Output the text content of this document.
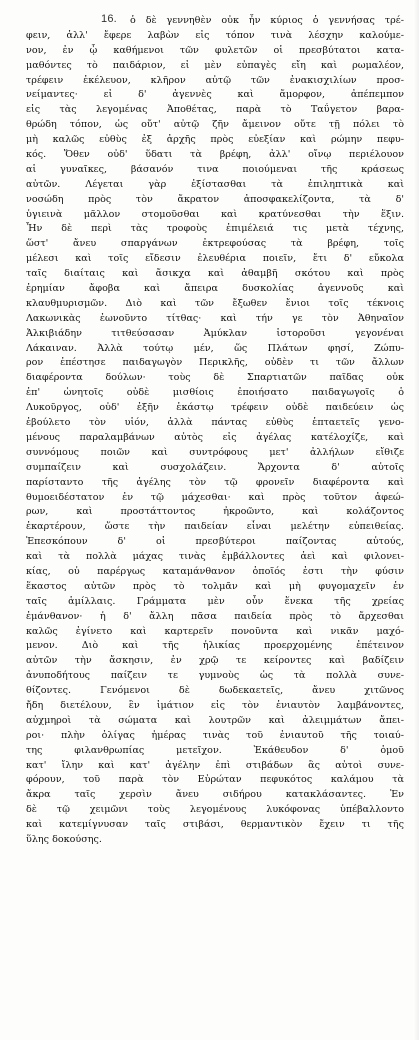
16.	ὁ δὲ γεννηθὲν οὐκ ἦν κύριος ὁ γεννήσας τρέ-
φειν, ἀλλ' ἔφερε λαβὼν εἰς τόπον τινὰ λέσχην καλούμε-
νον, ἐν ᾧ καθήμενοι τῶν φυλετῶν οἱ πρεσβύτατοι κατα-
μαθόντες τὸ παιδάριον, εἰ μὲν εὐπαγὲς εἴη καὶ ρωμαλέον,
τρέφειν ἐκέλευον, κλῆρον αὐτῷ τῶν ἐνακισχιλίων προσ-
νείμαντες· εἰ δ' ἀγεννὲς καὶ ἄμορφον, ἀπέπεμπον
εἰς τὰς λεγομένας Ἀποθέτας, παρὰ τὸ Ταΰγετον βαρα-
θρώδη τόπον, ὡς οὔτ' αὐτῷ ζῆν ἄμεινον οὔτε τῇ πόλει τὸ
μὴ καλῶς εὐθὺς ἐξ ἀρχῆς πρὸς εὐεξίαν καὶ ρώμην πεφυ-
κός. Ὅθεν οὐδ' ὕδατι τὰ βρέφη, ἀλλ' οἴνῳ περιέλουον
αἱ γυναῖκες, βάσανόν τινα ποιούμεναι τῆς κράσεως
αὐτῶν. Λέγεται γὰρ ἐξίστασθαι τὰ ἐπιληπτικὰ καὶ
νοσώδη πρὸς τὸν ἄκρατον ἀποσφακελίζοντα, τὰ δ'
ὑγιεινὰ μᾶλλον στομοῦσθαι καὶ κρατύνεσθαι τὴν ἕξιν.
Ἦν δὲ περὶ τὰς τροφοὺς ἐπιμέλειά τις μετὰ τέχνης,
ὥστ' ἄνευ σπαργάνων ἐκτρεφούσας τὰ βρέφη, τοῖς
μέλεσι καὶ τοῖς εἴδεσιν ἐλευθέρια ποιεῖν, ἔτι δ' εὔκολα
ταῖς διαίταις καὶ ἄσικχα καὶ ἀθαμβῆ σκότου καὶ πρὸς
ἐρημίαν ἄφοβα καὶ ἄπειρα δυσκολίας ἀγεννοῦς καὶ
κλαυθμυρισμῶν. Διὸ καὶ τῶν ἔξωθεν ἔνιοι τοῖς τέκνοις
Λακωνικὰς ἐωνοῦντο τίτθας· καὶ τήν γε τὸν Ἀθηναῖον
Ἀλκιβιάδην τιτθεύσασαν Ἀμύκλαν ἱστοροῦσι γεγονέναι
Λάκαιναν. Ἀλλὰ τούτῳ μέν, ὥς Πλάτων φησί, Ζώπυ-
ρον ἐπέστησε παιδαγωγὸν Περικλῆς, οὐδὲν τι τῶν ἄλλων
διαφέροντα δούλων· τοὺς δὲ Σπαρτιατῶν παῖδας οὐκ
ἐπ' ὠνητοῖς οὐδὲ μισθίοις ἐποιήσατο παιδαγωγοῖς ὁ
Λυκοῦργος, οὐδ' ἐξῆν ἑκάστῳ τρέφειν οὐδὲ παιδεύειν ὡς
ἐβούλετο τὸν υἱόν, ἀλλὰ πάντας εὐθὺς ἑπταετεῖς γενο-
μένους παραλαμβάνων αὐτὸς εἰς ἀγέλας κατέλοχίζε, καὶ
συννόμους ποιῶν καὶ συντρόφους μετ' ἀλλήλων εἴθιζε
συμπαίζειν καὶ συσχολάζειν. Ἄρχοντα δ' αὑτοῖς
παρίσταντο τῆς ἀγέλης τὸν τῷ φρονεῖν διαφέροντα καὶ
θυμοειδέστατον ἐν τῷ μάχεσθαι· καὶ πρὸς τοῦτον ἀφεώ-
ρων, καὶ προστάττοντος ἠκροῶντο, καὶ κολάζοντος
ἐκαρτέρουν, ὥστε τὴν παιδείαν εἶναι μελέτην εὐπειθείας.
Ἐπεσκόπουν δ' οἱ πρεσβύτεροι παίζοντας αὐτούς,
καὶ τὰ πολλὰ μάχας τινὰς ἐμβάλλοντες ἀεὶ καὶ φιλονει-
κίας, οὐ παρέργως καταμάνθανον ὁποῖός ἐστι τὴν φύσιν
ἕκαστος αὐτῶν πρὸς τὸ τολμᾶν καὶ μὴ φυγομαχεῖν ἐν
ταῖς ἁμίλλαις. Γράμματα μὲν οὖν ἕνεκα τῆς χρείας
ἐμάνθανον· ἡ δ' ἄλλη πᾶσα παιδεία πρὸς τὸ ἄρχεσθαι
καλῶς ἐγίνετο καὶ καρτερεῖν πονοῦντα καὶ νικᾶν μαχό-
μενον. Διὸ καὶ τῆς ἡλικίας προερχομένης ἐπέτεινον
αὐτῶν τὴν ἄσκησιν, ἐν χρῷ τε κείροντες καὶ βαδίζειν
ἀνυποδήτους παίζειν τε γυμνοὺς ὡς τὰ πολλὰ συνε-
θίζοντες. Γενόμενοι δὲ δωδεκαετεῖς, ἄνευ χιτῶνος
ἤδη διετέλουν, ἓν ἱμάτιον εἰς τὸν ἐνιαυτὸν λαμβάνοντες,
αὐχμηροὶ τὰ σώματα καὶ λουτρῶν καὶ ἀλειμμάτων ἄπει-
ροι· πλὴν ὀλίγας ἡμέρας τινὰς τοῦ ἐνιαυτοῦ τῆς τοιαύ-
της φιλανθρωπίας μετεῖχον. Ἐκάθευδον δ' ὁμοῦ
κατ' ἴλην καὶ κατ' ἀγέλην ἐπὶ στιβάδων ἃς αὐτοὶ συνε-
φόρουν, τοῦ παρὰ τὸν Εὐρώταν πεφυκότος καλάμου τὰ
ἄκρα ταῖς χερσὶν ἄνευ σιδήρου κατακλάσαντες. Ἐν
δὲ τῷ χειμῶνι τοὺς λεγομένους λυκόφονας ὑπέβαλλοντο
καὶ κατεμίγνυσαν ταῖς στιβάσι, θερμαντικὸν ἔχειν τι τῆς
ὕλης δοκούσης.
